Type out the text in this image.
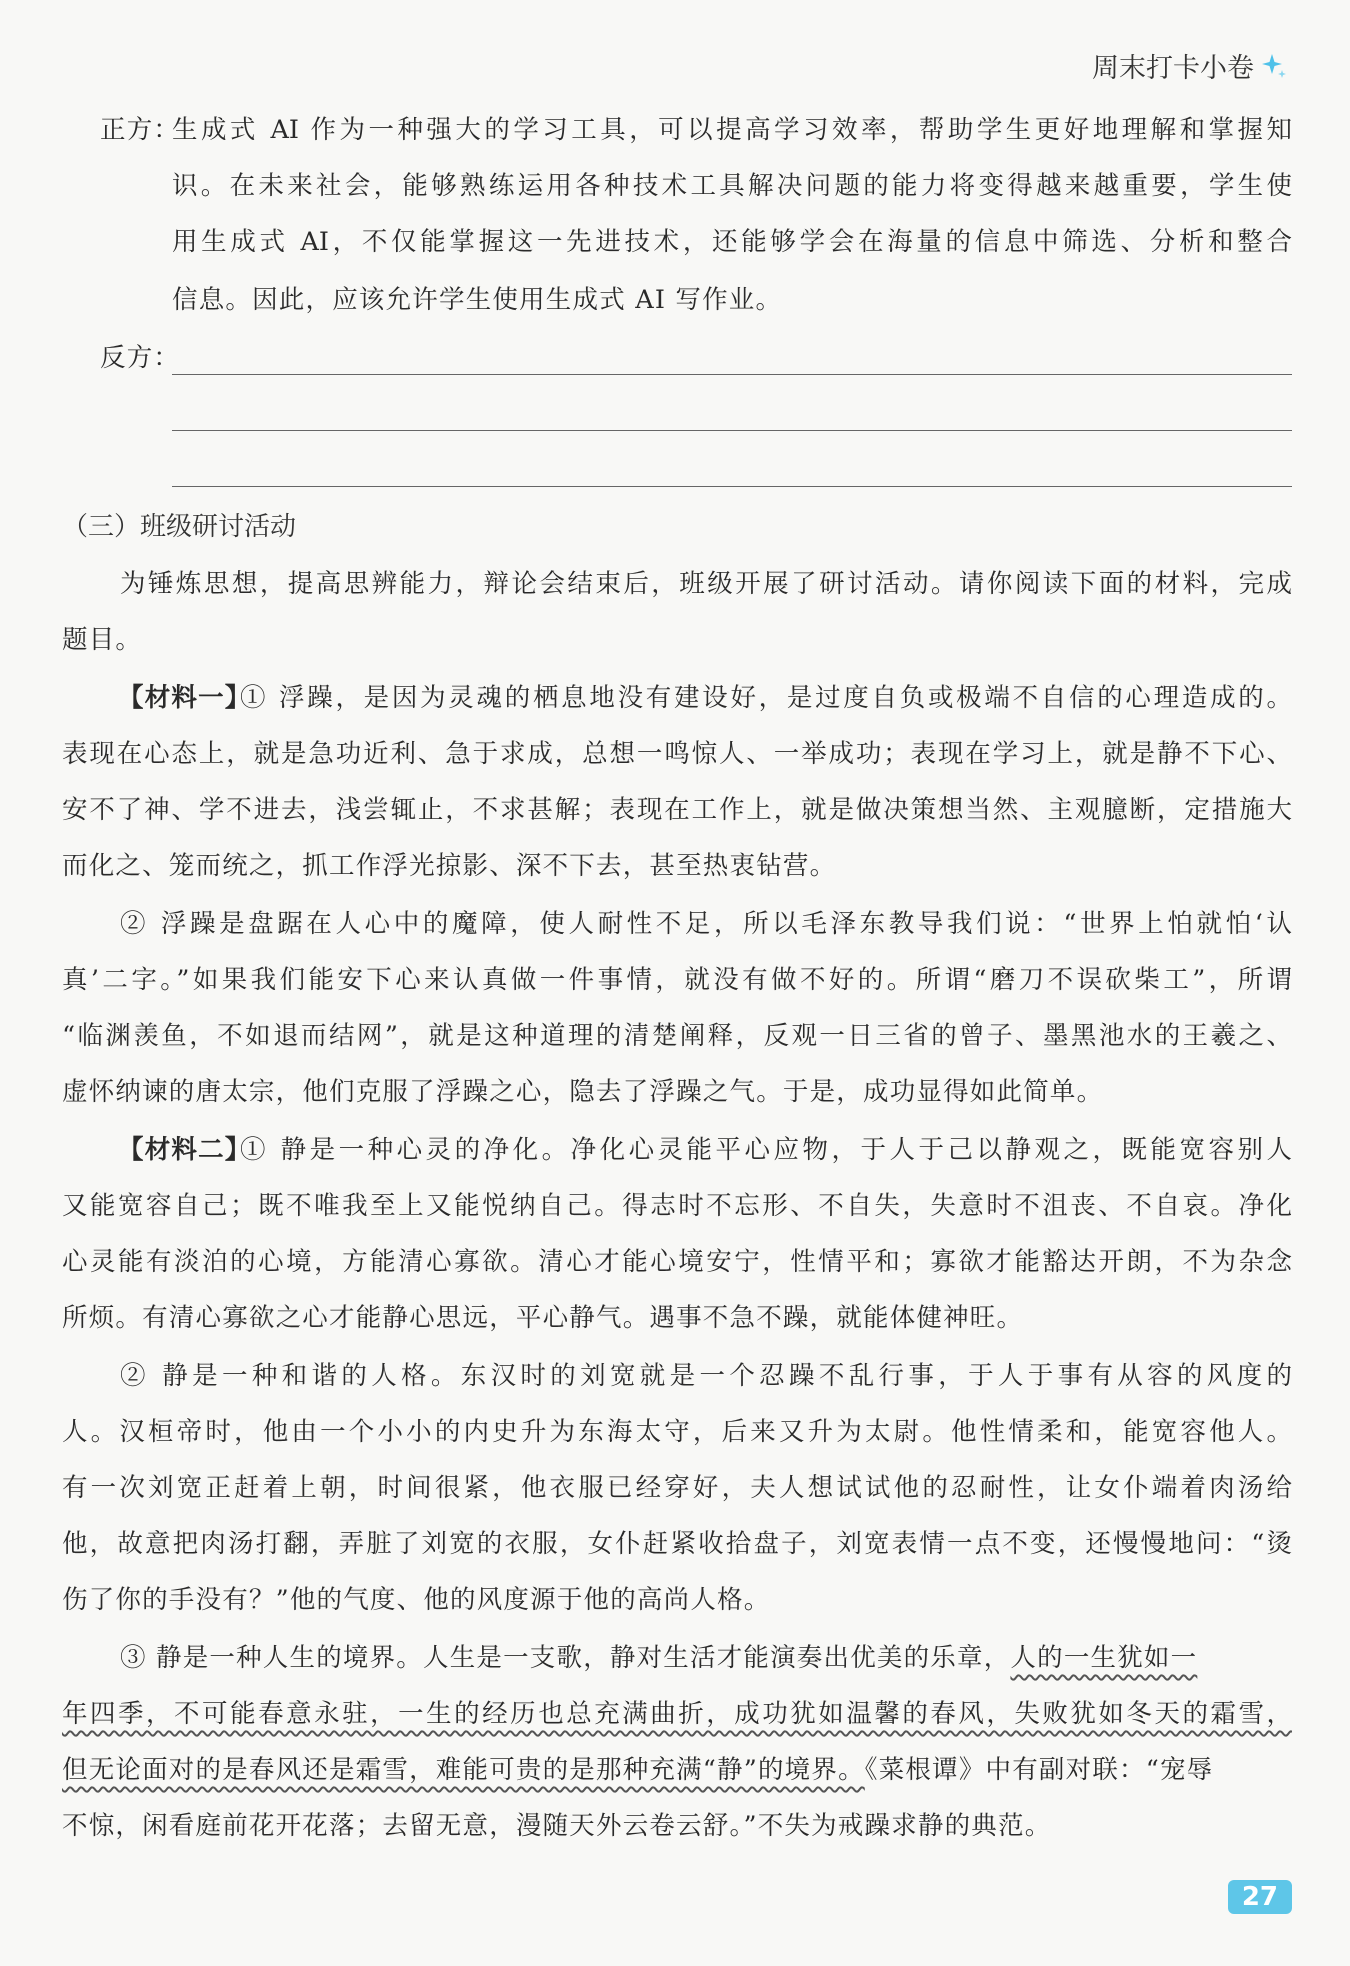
周末打卡小卷
正方：
生成式 AI 作为一种强大的学习工具，可以提高学习效率，帮助学生更好地理解和掌握知
识。在未来社会，能够熟练运用各种技术工具解决问题的能力将变得越来越重要，学生使
用生成式 AI，不仅能掌握这一先进技术，还能够学会在海量的信息中筛选、分析和整合
信息。因此，应该允许学生使用生成式 AI 写作业。
反方：
（三）班级研讨活动
为锤炼思想，提高思辨能力，辩论会结束后，班级开展了研讨活动。请你阅读下面的材料，完成
题目。
【材料一】
① 浮躁，是因为灵魂的栖息地没有建设好，是过度自负或极端不自信的心理造成的。
表现在心态上，就是急功近利、急于求成，总想一鸣惊人、一举成功；表现在学习上，就是静不下心、
安不了神、学不进去，浅尝辄止，不求甚解；表现在工作上，就是做决策想当然、主观臆断，定措施大
而化之、笼而统之，抓工作浮光掠影、深不下去，甚至热衷钻营。
② 浮躁是盘踞在人心中的魔障，使人耐性不足，所以毛泽东教导我们说：“世界上怕就怕‘认
真’二字。”如果我们能安下心来认真做一件事情，就没有做不好的。所谓“磨刀不误砍柴工”，所谓
“临渊羡鱼，不如退而结网”，就是这种道理的清楚阐释，反观一日三省的曾子、墨黑池水的王羲之、
虚怀纳谏的唐太宗，他们克服了浮躁之心，隐去了浮躁之气。于是，成功显得如此简单。
【材料二】
① 静是一种心灵的净化。净化心灵能平心应物，于人于己以静观之，既能宽容别人
又能宽容自己；既不唯我至上又能悦纳自己。得志时不忘形、不自失，失意时不沮丧、不自哀。净化
心灵能有淡泊的心境，方能清心寡欲。清心才能心境安宁，性情平和；寡欲才能豁达开朗，不为杂念
所烦。有清心寡欲之心才能静心思远，平心静气。遇事不急不躁，就能体健神旺。
② 静是一种和谐的人格。东汉时的刘宽就是一个忍躁不乱行事，于人于事有从容的风度的
人。汉桓帝时，他由一个小小的内史升为东海太守，后来又升为太尉。他性情柔和，能宽容他人。
有一次刘宽正赶着上朝，时间很紧，他衣服已经穿好，夫人想试试他的忍耐性，让女仆端着肉汤给
他，故意把肉汤打翻，弄脏了刘宽的衣服，女仆赶紧收拾盘子，刘宽表情一点不变，还慢慢地问：“烫
伤了你的手没有？”他的气度、他的风度源于他的高尚人格。
③ 静是一种人生的境界。人生是一支歌，静对生活才能演奏出优美的乐章，人的一生犹如一
年四季，不可能春意永驻，一生的经历也总充满曲折，成功犹如温馨的春风，失败犹如冬天的霜雪，
但无论面对的是春风还是霜雪，难能可贵的是那种充满“静”的境界。《菜根谭》中有副对联：“宠辱
不惊，闲看庭前花开花落；去留无意，漫随天外云卷云舒。”不失为戒躁求静的典范。
27
